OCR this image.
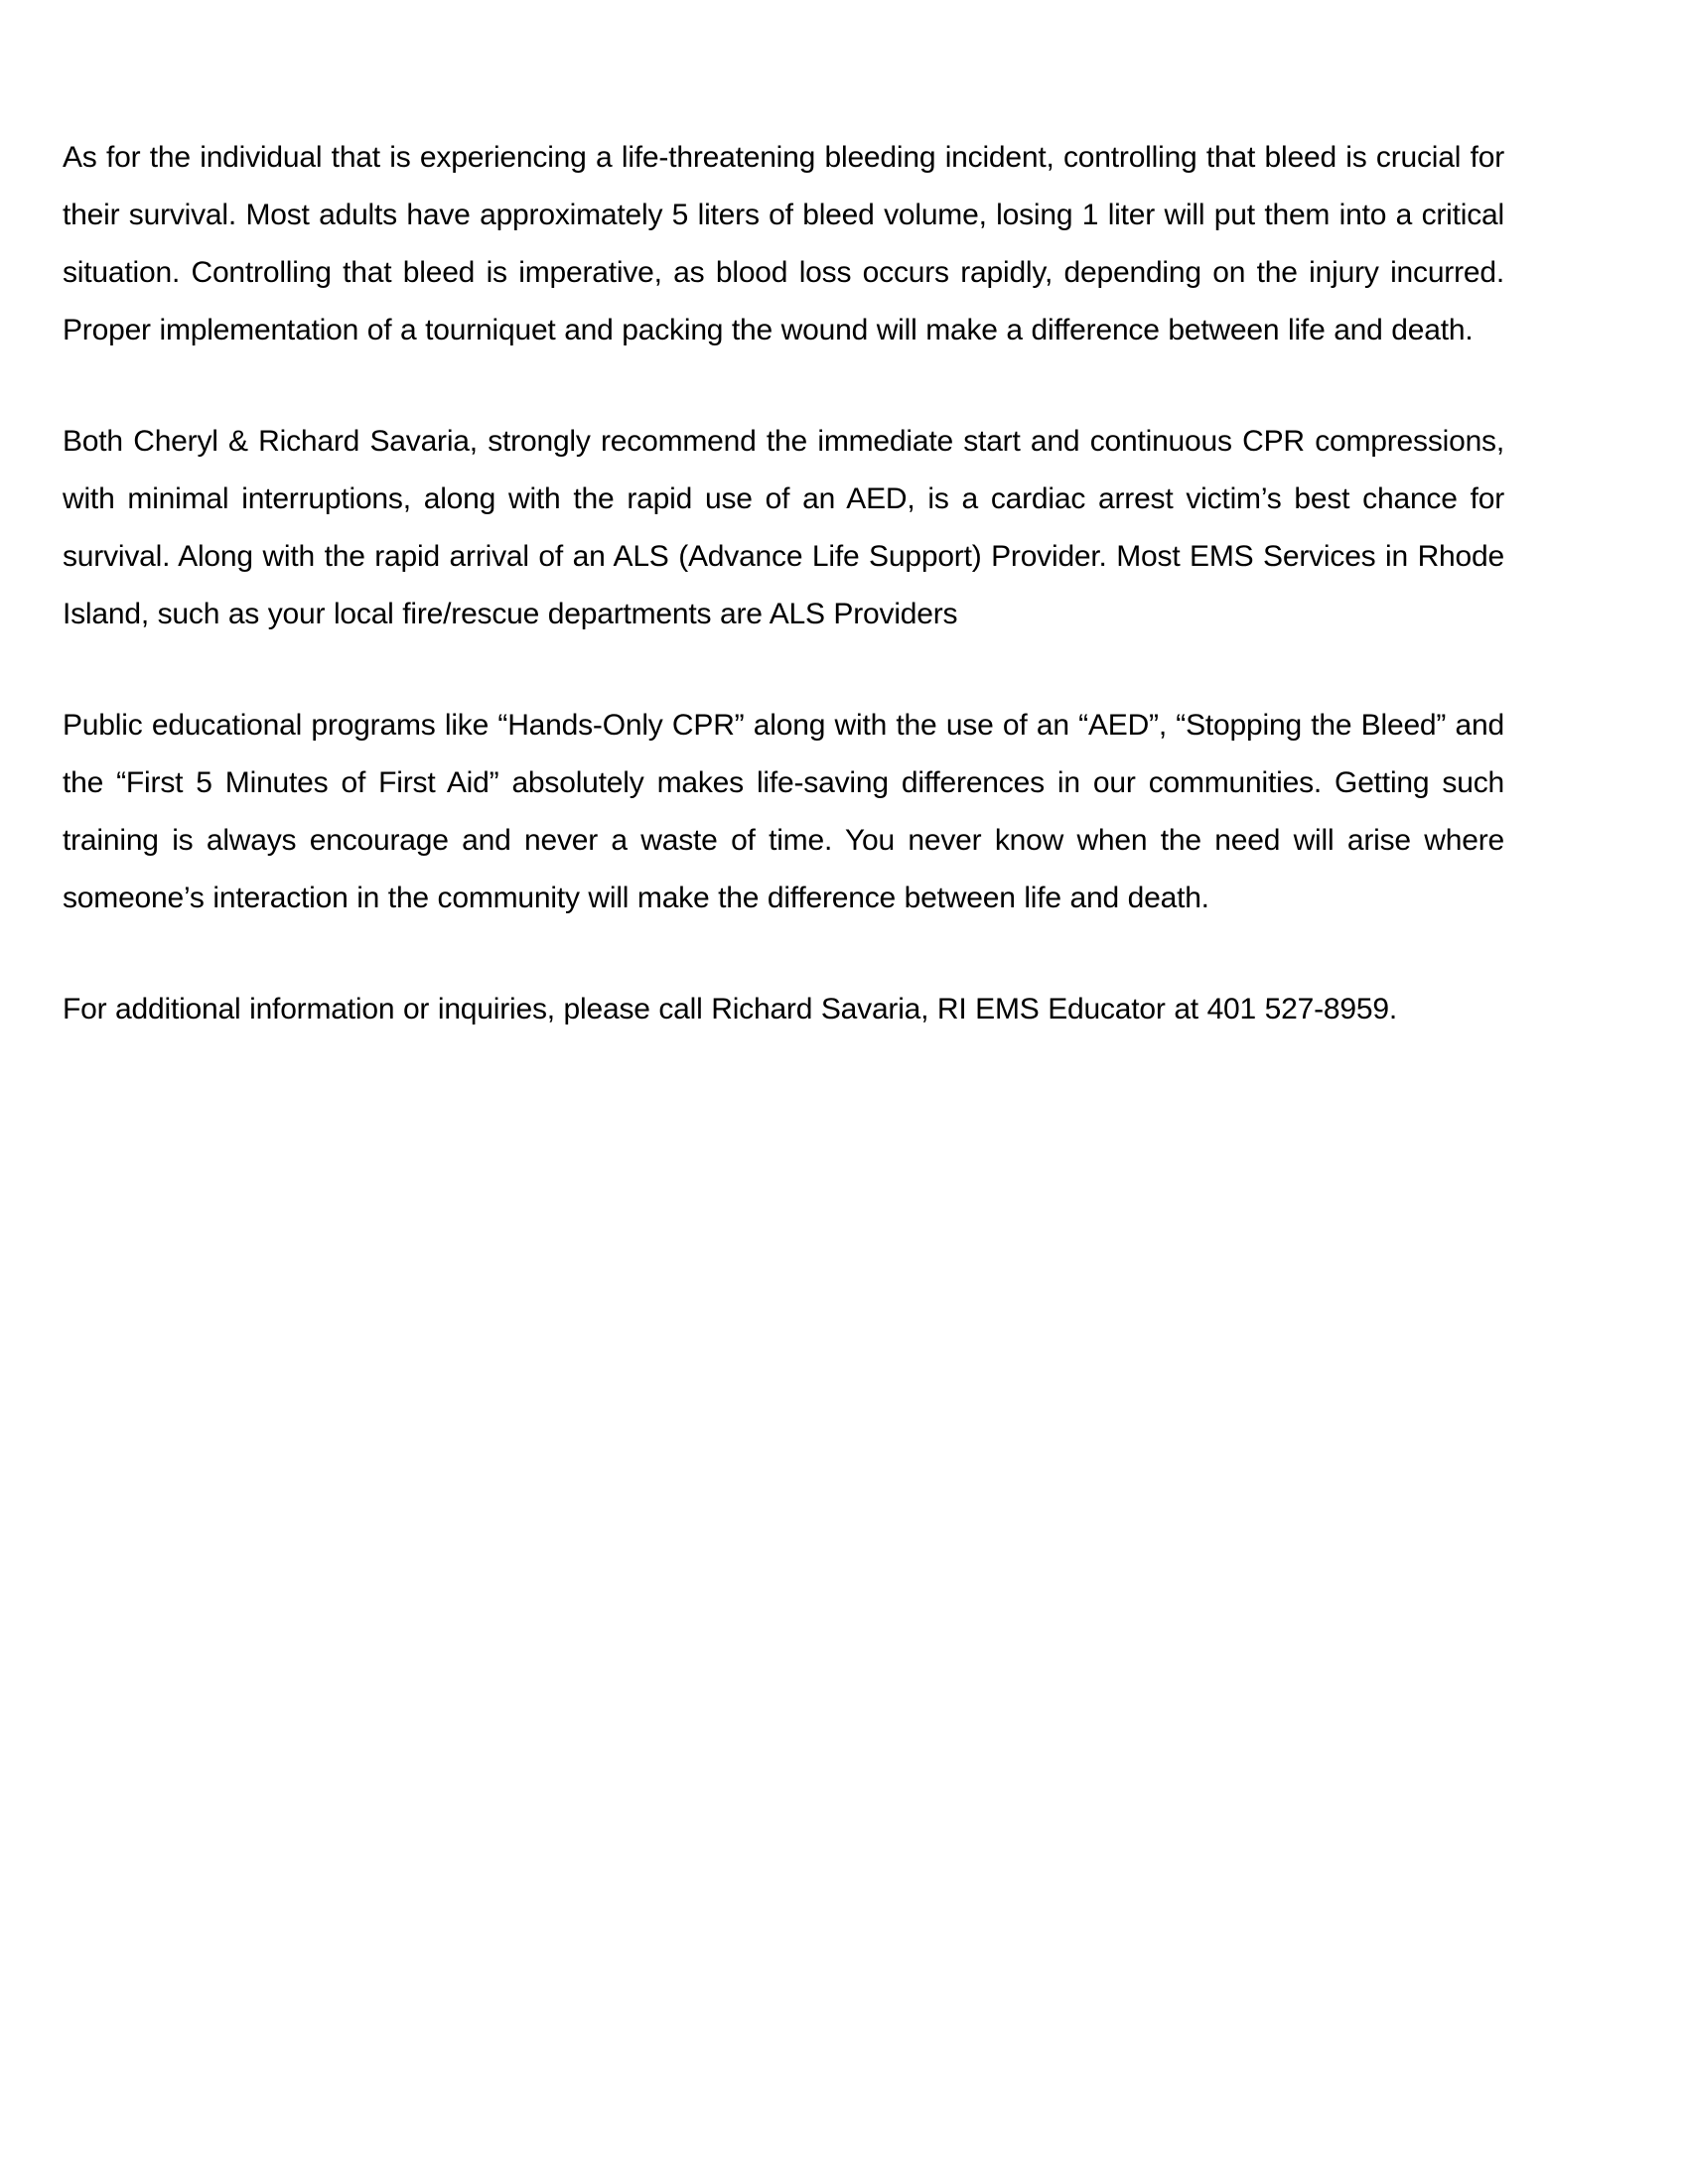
As for the individual that is experiencing a life-threatening bleeding incident, controlling that bleed is crucial for their survival. Most adults have approximately 5 liters of bleed volume, losing 1 liter will put them into a critical situation. Controlling that bleed is imperative, as blood loss occurs rapidly, depending on the injury incurred. Proper implementation of a tourniquet and packing the wound will make a difference between life and death.

Both Cheryl & Richard Savaria, strongly recommend the immediate start and continuous CPR compressions, with minimal interruptions, along with the rapid use of an AED, is a cardiac arrest victim’s best chance for survival. Along with the rapid arrival of an ALS (Advance Life Support) Provider. Most EMS Services in Rhode Island, such as your local fire/rescue departments are ALS Providers

Public educational programs like “Hands-Only CPR” along with the use of an “AED”, “Stopping the Bleed” and the “First 5 Minutes of First Aid” absolutely makes life-saving differences in our communities. Getting such training is always encourage and never a waste of time. You never know when the need will arise where someone’s interaction in the community will make the difference between life and death.

For additional information or inquiries, please call Richard Savaria, RI EMS Educator at 401 527-8959.
